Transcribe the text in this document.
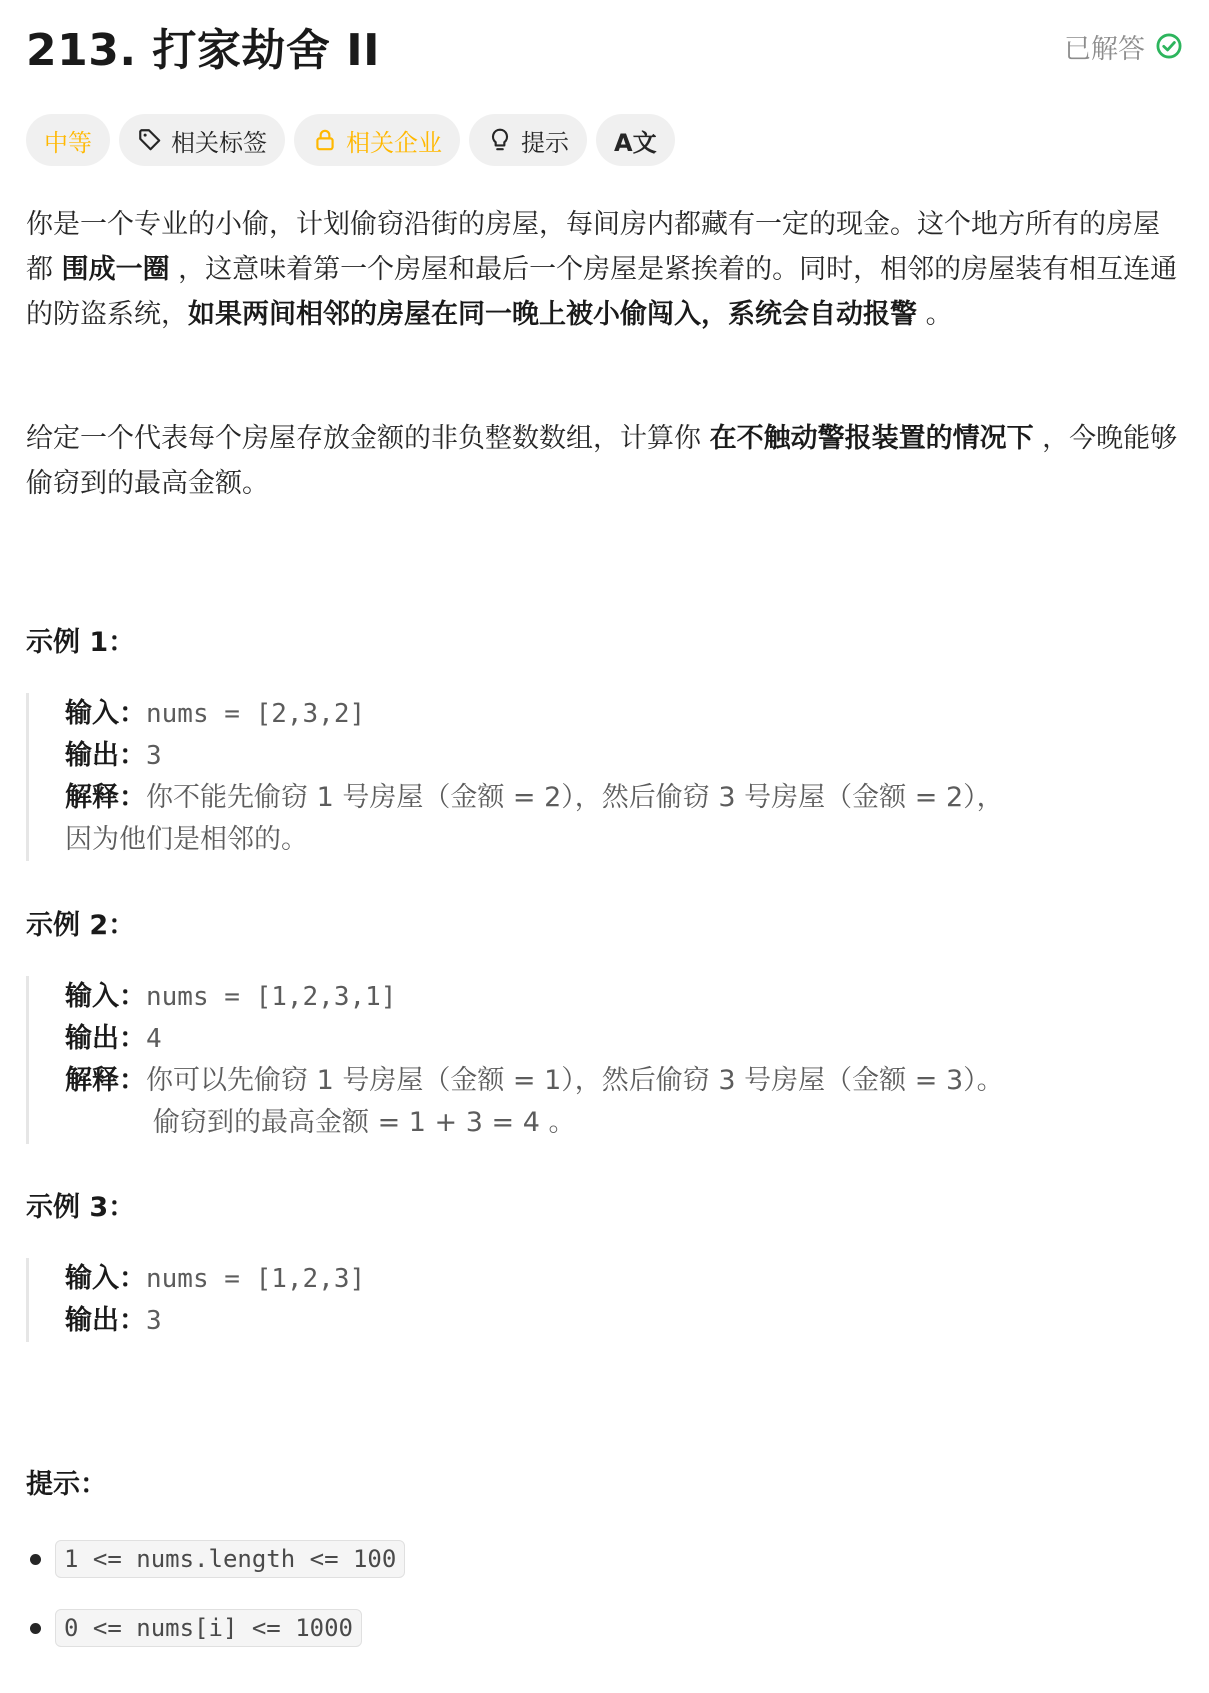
213. 打家劫舍 II	已解答
中等	相关标签	相关企业	提示 A文
你是一个专业的小偷，计划偷窃沿街的房屋，每间房内都藏有一定的现金。这个地方所有的房屋都 围成一圈 ，这意味着第一个房屋和最后一个房屋是紧挨着的。同时，相邻的房屋装有相互连通的防盗系统，如果两间相邻的房屋在同一晚上被小偷闯入，系统会自动报警 。
给定一个代表每个房屋存放金额的非负整数数组，计算你 在不触动警报装置的情况下 ，今晚能够偷窃到的最高金额。
示例 1：
输入：nums = [2,3,2]
输出：3
解释：你不能先偷窃 1 号房屋（金额 = 2），然后偷窃 3 号房屋（金额 = 2），
因为他们是相邻的。
示例 2：
输入：nums = [1,2,3,1]
输出：4
解释：你可以先偷窃 1 号房屋（金额 = 1），然后偷窃 3 号房屋（金额 = 3）。
偷窃到的最高金额 = 1 + 3 = 4 。
示例 3：
输入：nums = [1,2,3]
输出：3
提示：
1 <= nums.length <= 100
0 <= nums[i] <= 1000
